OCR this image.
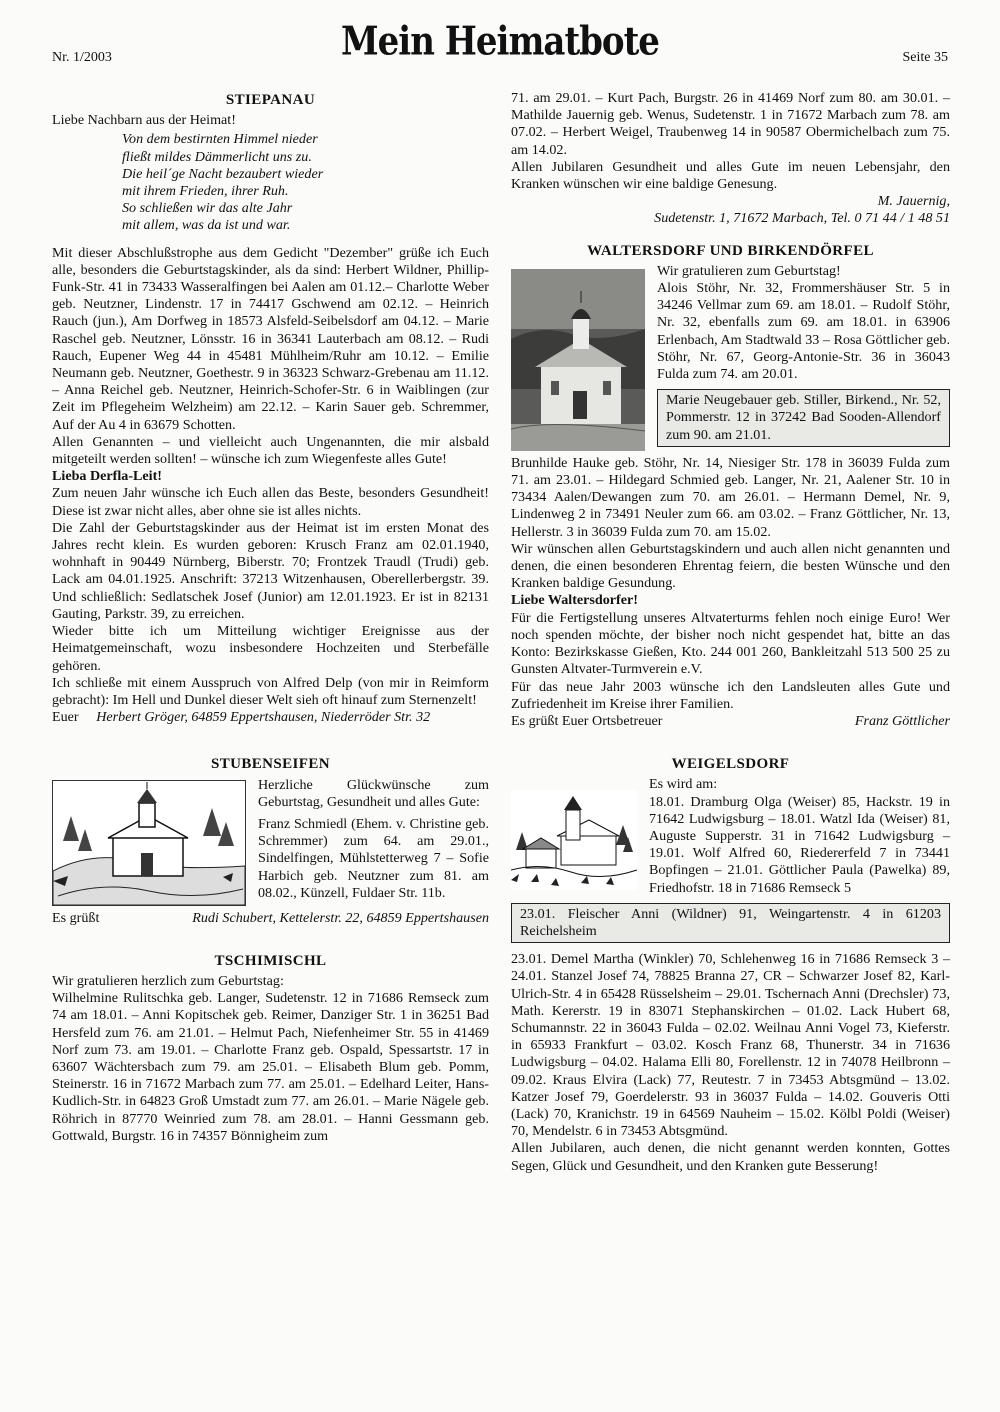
Nr. 1/2003	Mein Heimatbote	Seite 35
STIEPANAU

Liebe Nachbarn aus der Heimat!

Von dem bestirnten Himmel nieder
fließt mildes Dämmerlicht uns zu.
Die heil´ge Nacht bezaubert wieder
mit ihrem Frieden, ihrer Ruh.
So schließen wir das alte Jahr
mit allem, was da ist und war.

Mit dieser Abschlußstrophe aus dem Gedicht "Dezember" grüße ich Euch alle, besonders die Geburtstagskinder, als da sind: Herbert Wildner, Phillip-Funk-Str. 41 in 73433 Wasseralfingen bei Aalen am 01.12.– Charlotte Weber geb. Neutzner, Lindenstr. 17 in 74417 Gschwend am 02.12. – Heinrich Rauch (jun.), Am Dorfweg in 18573 Alsfeld-Seibelsdorf am 04.12. – Marie Raschel geb. Neutzner, Lönsstr. 16 in 36341 Lauterbach am 08.12. – Rudi Rauch, Eupener Weg 44 in 45481 Mühlheim/Ruhr am 10.12. – Emilie Neumann geb. Neutzner, Goethestr. 9 in 36323 Schwarz-Grebenau am 11.12. – Anna Reichel geb. Neutzner, Heinrich-Schofer-Str. 6 in Waiblingen (zur Zeit im Pflegeheim Welzheim) am 22.12. – Karin Sauer geb. Schremmer, Auf der Au 4 in 63679 Schotten.

Allen Genannten – und vielleicht auch Ungenannten, die mir alsbald mitgeteilt werden sollten! – wünsche ich zum Wiegenfeste alles Gute!

Lieba Derfla-Leit!

Zum neuen Jahr wünsche ich Euch allen das Beste, besonders Gesundheit! Diese ist zwar nicht alles, aber ohne sie ist alles nichts.

Die Zahl der Geburtstagskinder aus der Heimat ist im ersten Monat des Jahres recht klein. Es wurden geboren: Krusch Franz am 02.01.1940, wohnhaft in 90449 Nürnberg, Biberstr. 70; Frontzek Traudl (Trudi) geb. Lack am 04.01.1925. Anschrift: 37213 Witzenhausen, Oberellerbergstr. 39. Und schließlich: Sedlatschek Josef (Junior) am 12.01.1923. Er ist in 82131 Gauting, Parkstr. 39, zu erreichen.

Wieder bitte ich um Mitteilung wichtiger Ereignisse aus der Heimatgemeinschaft, wozu insbesondere Hochzeiten und Sterbefälle gehören.

Ich schließe mit einem Ausspruch von Alfred Delp (von mir in Reimform gebracht): Im Hell und Dunkel dieser Welt sieh oft hinauf zum Sternenzelt!

Euer Herbert Gröger, 64859 Eppertshausen, Niederröder Str. 32

STUBENSEIFEN

Herzliche Glückwünsche zum Geburtstag, Gesundheit und alles Gute:

Franz Schmiedl (Ehem. v. Christine geb. Schremmer) zum 64. am 29.01., Sindelfingen, Mühlstetterweg 7 – Sofie Harbich geb. Neutzner zum 81. am 08.02., Künzell, Fuldaer Str. 11b.

Es grüßt	Rudi Schubert, Kettelerstr. 22, 64859 Eppertshausen

TSCHIMISCHL

Wir gratulieren herzlich zum Geburtstag:

Wilhelmine Rulitschka geb. Langer, Sudetenstr. 12 in 71686 Remseck zum 74 am 18.01. – Anni Kopitschek geb. Reimer, Danziger Str. 1 in 36251 Bad Hersfeld zum 76. am 21.01. – Helmut Pach, Niefenheimer Str. 55 in 41469 Norf zum 73. am 19.01. – Charlotte Franz geb. Ospald, Spessartstr. 17 in 63607 Wächtersbach zum 79. am 25.01. – Elisabeth Blum geb. Pomm, Steinerstr. 16 in 71672 Marbach zum 77. am 25.01. – Edelhard Leiter, Hans-Kudlich-Str. in 64823 Groß Umstadt zum 77. am 26.01. – Marie Nägele geb. Röhrich in 87770 Weinried zum 78. am 28.01. – Hanni Gessmann geb. Gottwald, Burgstr. 16 in 74357 Bönnigheim zum

71. am 29.01. – Kurt Pach, Burgstr. 26 in 41469 Norf zum 80. am 30.01. – Mathilde Jauernig geb. Wenus, Sudetenstr. 1 in 71672 Marbach zum 78. am 07.02. – Herbert Weigel, Traubenweg 14 in 90587 Obermichelbach zum 75. am 14.02.

Allen Jubilaren Gesundheit und alles Gute im neuen Lebensjahr, den Kranken wünschen wir eine baldige Genesung.

M. Jauernig,

Sudetenstr. 1, 71672 Marbach, Tel. 0 71 44 / 1 48 51

WALTERSDORF UND BIRKENDÖRFEL

Wir gratulieren zum Geburtstag!

Alois Stöhr, Nr. 32, Frommershäuser Str. 5 in 34246 Vellmar zum 69. am 18.01. – Rudolf Stöhr, Nr. 32, ebenfalls zum 69. am 18.01. in 63906 Erlenbach, Am Stadtwald 33 – Rosa Göttlicher geb. Stöhr, Nr. 67, Georg-Antonie-Str. 36 in 36043 Fulda zum 74. am 20.01.

Marie Neugebauer geb. Stiller, Birkend., Nr. 52, Pommerstr. 12 in 37242 Bad Sooden-Allendorf zum 90. am 21.01.

Brunhilde Hauke geb. Stöhr, Nr. 14, Niesiger Str. 178 in 36039 Fulda zum 71. am 23.01. – Hildegard Schmied geb. Langer, Nr. 21, Aalener Str. 10 in 73434 Aalen/Dewangen zum 70. am 26.01. – Hermann Demel, Nr. 9, Lindenweg 2 in 73491 Neuler zum 66. am 03.02. – Franz Göttlicher, Nr. 13, Hellerstr. 3 in 36039 Fulda zum 70. am 15.02.

Wir wünschen allen Geburtstagskindern und auch allen nicht genannten und denen, die einen besonderen Ehrentag feiern, die besten Wünsche und den Kranken baldige Gesundung.

Liebe Waltersdorfer!

Für die Fertigstellung unseres Altvaterturms fehlen noch einige Euro! Wer noch spenden möchte, der bisher noch nicht gespendet hat, bitte an das Konto: Bezirkskasse Gießen, Kto. 244 001 260, Bankleitzahl 513 500 25 zu Gunsten Altvater-Turmverein e.V.

Für das neue Jahr 2003 wünsche ich den Landsleuten alles Gute und Zufriedenheit im Kreise ihrer Familien.

Es grüßt Euer Ortsbetreuer	Franz Göttlicher

WEIGELSDORF

Es wird am:

18.01. Dramburg Olga (Weiser) 85, Hackstr. 19 in 71642 Ludwigsburg – 18.01. Watzl Ida (Weiser) 81, Auguste Supperstr. 31 in 71642 Ludwigsburg – 19.01. Wolf Alfred 60, Riedererfeld 7 in 73441 Bopfingen – 21.01. Göttlicher Paula (Pawelka) 89, Friedhofstr. 18 in 71686 Remseck 5

23.01. Fleischer Anni (Wildner) 91, Weingartenstr. 4 in 61203 Reichelsheim

23.01. Demel Martha (Winkler) 70, Schlehenweg 16 in 71686 Remseck 3 – 24.01. Stanzel Josef 74, 78825 Branna 27, CR – Schwarzer Josef 82, Karl-Ulrich-Str. 4 in 65428 Rüsselsheim – 29.01. Tschernach Anni (Drechsler) 73, Math. Kererstr. 19 in 83071 Stephanskirchen – 01.02. Lack Hubert 68, Schumannstr. 22 in 36043 Fulda – 02.02. Weilnau Anni Vogel 73, Kieferstr. in 65933 Frankfurt – 03.02. Kosch Franz 68, Thunerstr. 34 in 71636 Ludwigsburg – 04.02. Halama Elli 80, Forellenstr. 12 in 74078 Heilbronn – 09.02. Kraus Elvira (Lack) 77, Reutestr. 7 in 73453 Abtsgmünd – 13.02. Katzer Josef 79, Goerdelerstr. 93 in 36037 Fulda – 14.02. Gouveris Otti (Lack) 70, Kranichstr. 19 in 64569 Nauheim – 15.02. Kölbl Poldi (Weiser) 70, Mendelstr. 6 in 73453 Abtsgmünd.

Allen Jubilaren, auch denen, die nicht genannt werden konnten, Gottes Segen, Glück und Gesundheit, und den Kranken gute Besserung!
